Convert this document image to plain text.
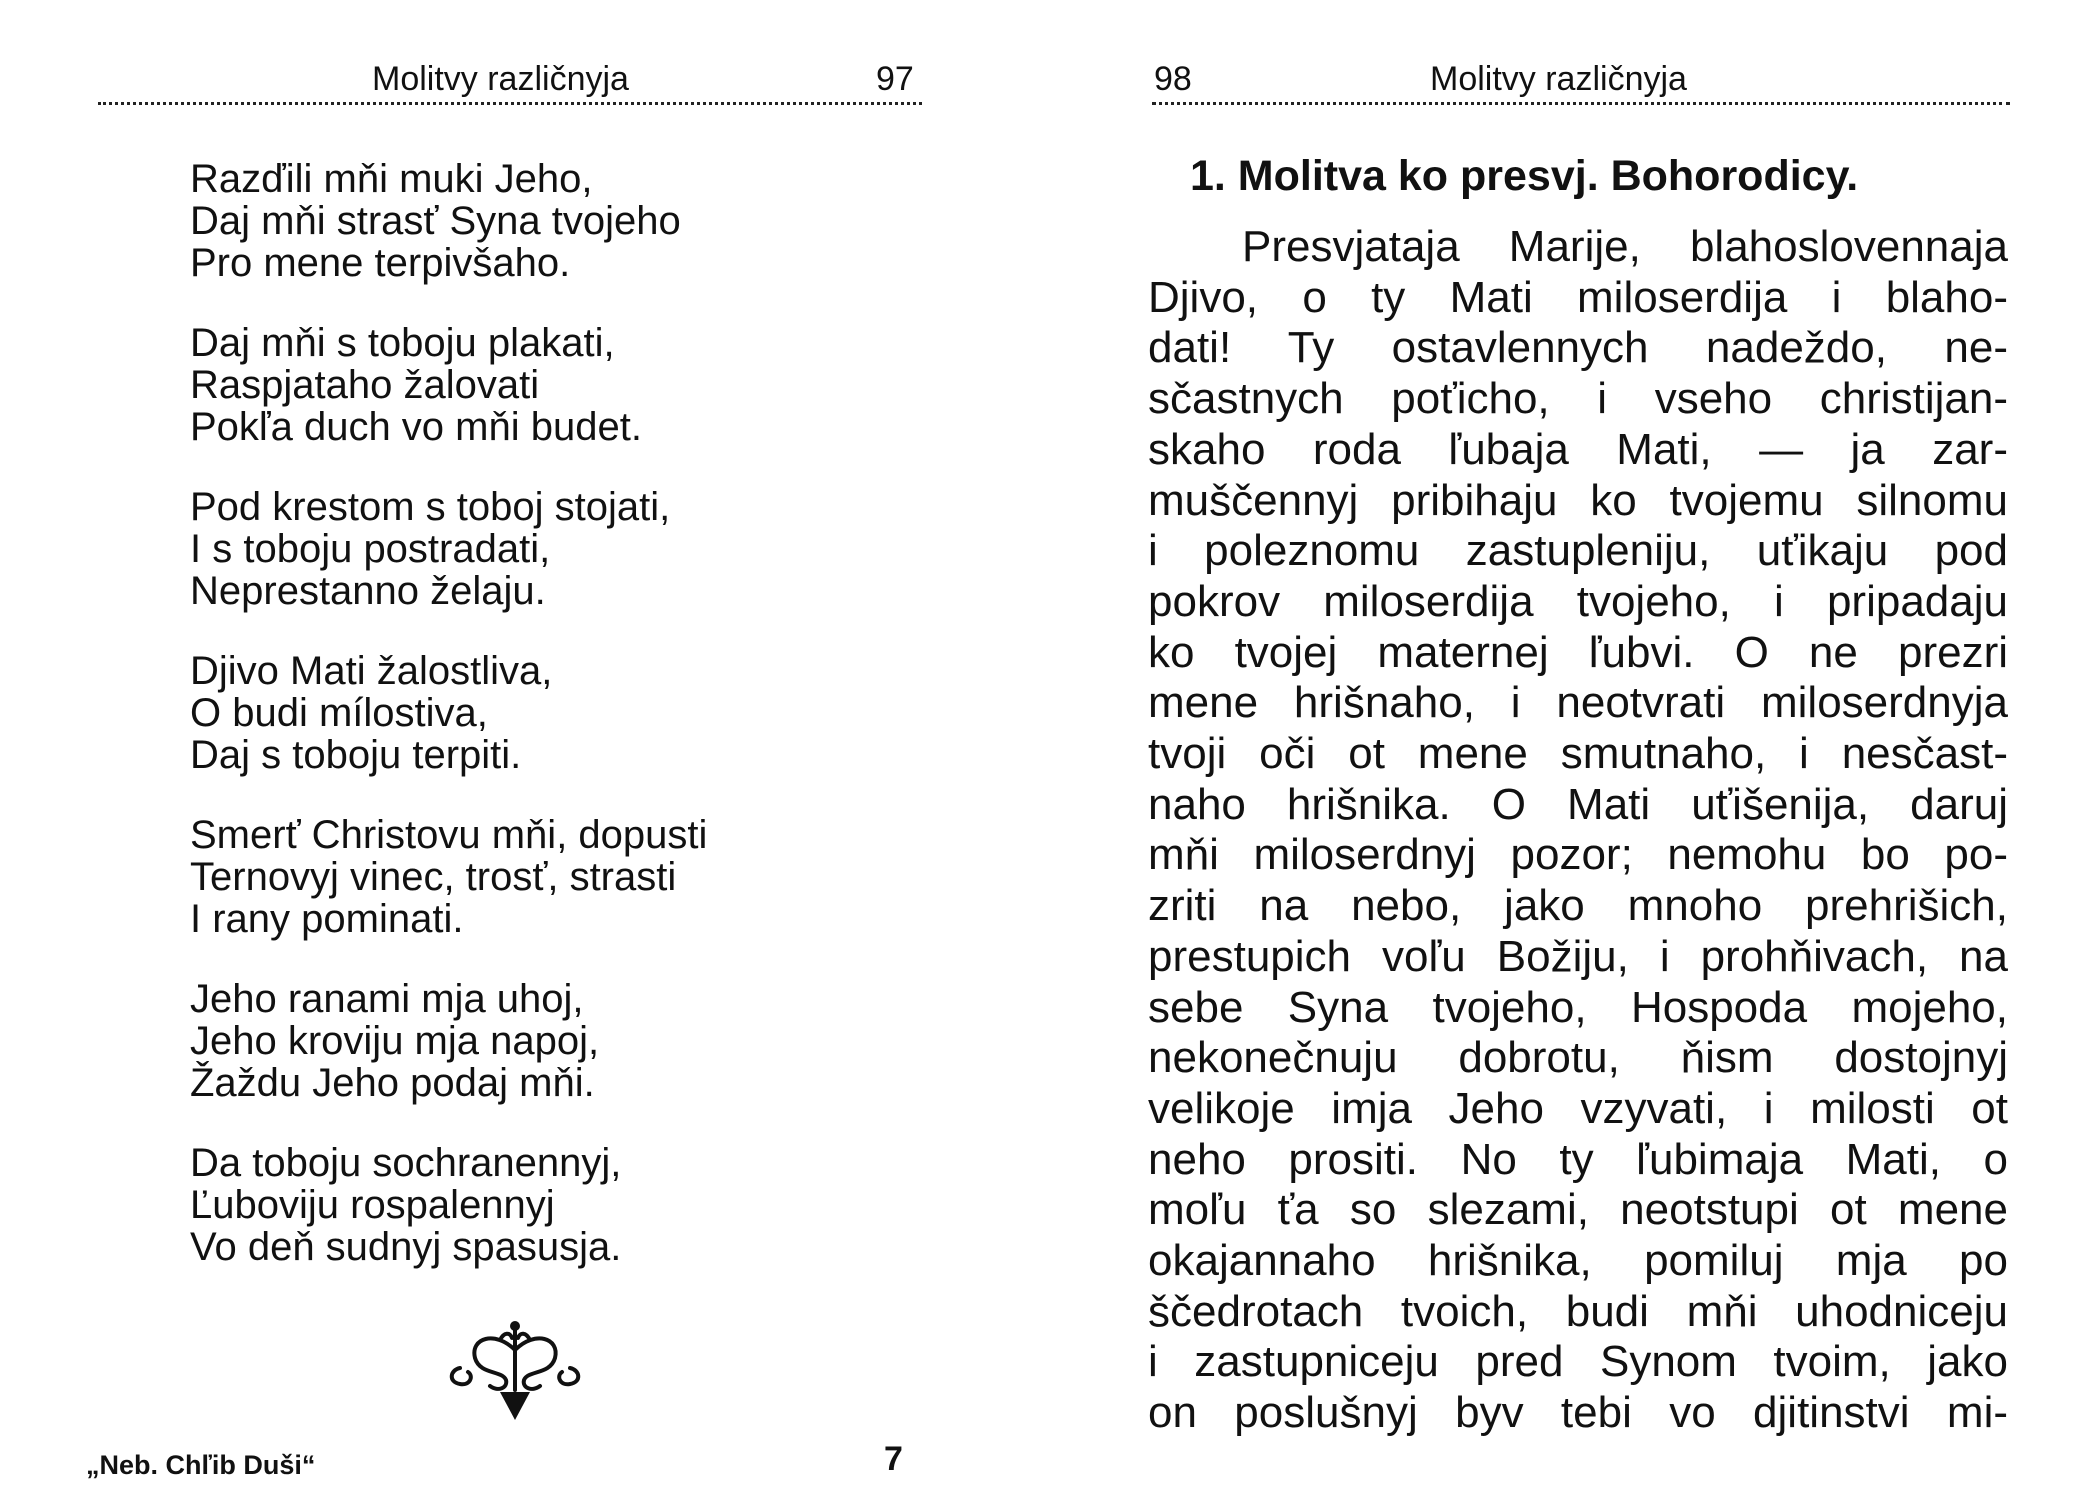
Molitvy različnyja	97
Razďili mňi muki Jeho,
Daj mňi strasť Syna tvojeho
Pro mene terpivšaho.
Daj mňi s toboju plakati,
Raspjataho žalovati
Pokľa duch vo mňi budet.
Pod krestom s toboj stojati,
I s toboju postradati,
Neprestanno želaju.
Djivo Mati žalostliva,
O budi mílostiva,
Daj s toboju terpiti.
Smerť Christovu mňi, dopusti
Ternovyj vinec, trosť, strasti
I rany pominati.
Jeho ranami mja uhoj,
Jeho kroviju mja napoj,
Žaždu Jeho podaj mňi.
Da toboju sochranennyj,
Ľuboviju rospalennyj
Vo deň sudnyj spasusja.
„Neb. Chľib Duši“	7
98	Molitvy različnyja
1. Molitva ko presvj. Bohorodicy.
Presvjataja Marije, blahoslovennaja
Djivo, o ty Mati miloserdija i blaho-
dati! Ty ostavlennych nadeždo, ne-
sčastnych poťicho, i vseho christijan-
skaho roda ľubaja Mati, — ja zar-
muščennyj pribihaju ko tvojemu silnomu
i poleznomu zastupleniju, uťikaju pod
pokrov miloserdija tvojeho, i pripadaju
ko tvojej maternej ľubvi. O ne prezri
mene hrišnaho, i neotvrati miloserdnyja
tvoji oči ot mene smutnaho, i nesčast-
naho hrišnika. O Mati uťišenija, daruj
mňi miloserdnyj pozor; nemohu bo po-
zriti na nebo, jako mnoho prehrišich,
prestupich voľu Božiju, i prohňivach, na
sebe Syna tvojeho, Hospoda mojeho,
nekonečnuju dobrotu, ňism dostojnyj
velikoje imja Jeho vzyvati, i milosti ot
neho prositi. No ty ľubimaja Mati, o
moľu ťa so slezami, neotstupi ot mene
okajannaho hrišnika, pomiluj mja po
ščedrotach tvoich, budi mňi uhodniceju
i zastupniceju pred Synom tvoim, jako
on poslušnyj byv tebi vo djitinstvi mi-
